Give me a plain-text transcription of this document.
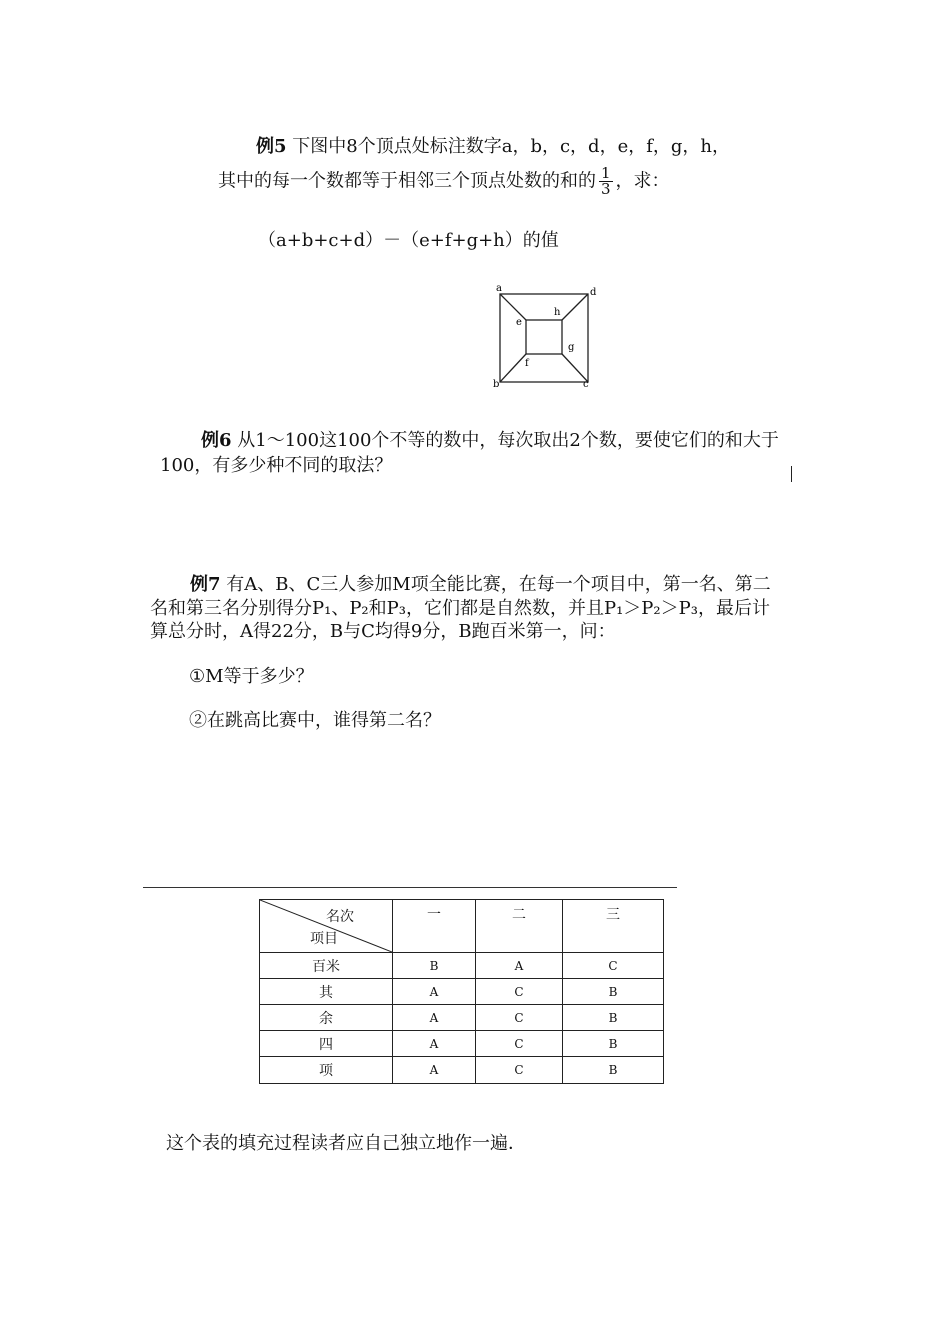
例5 下图中8个顶点处标注数字a，b，c，d，e，f，g，h，
其中的每一个数都等于相邻三个顶点处数的和的 $\frac{1}{3}$ ，求：
（a+b+c+d）－（e+f+g+h）的值
a	d
b	c
e
h
f
g
例6 从1～100这100个不等的数中，每次取出2个数，要使它们的和大于
100，有多少种不同的取法？
例7 有A、B、C三人参加M项全能比赛，在每一个项目中，第一名、第二
名和第三名分别得分P₁、P₂和P₃，它们都是自然数，并且P₁＞P₂＞P₃，最后计
算总分时，A得22分，B与C均得9分，B跑百米第一，问：
①M等于多少？
②在跳高比赛中，谁得第二名？
名次
项目	一	二	三
百米	B	A	C
其	A	C	B
余	A	C	B
四	A	C	B
项	A	C	B
这个表的填充过程读者应自己独立地作一遍．
